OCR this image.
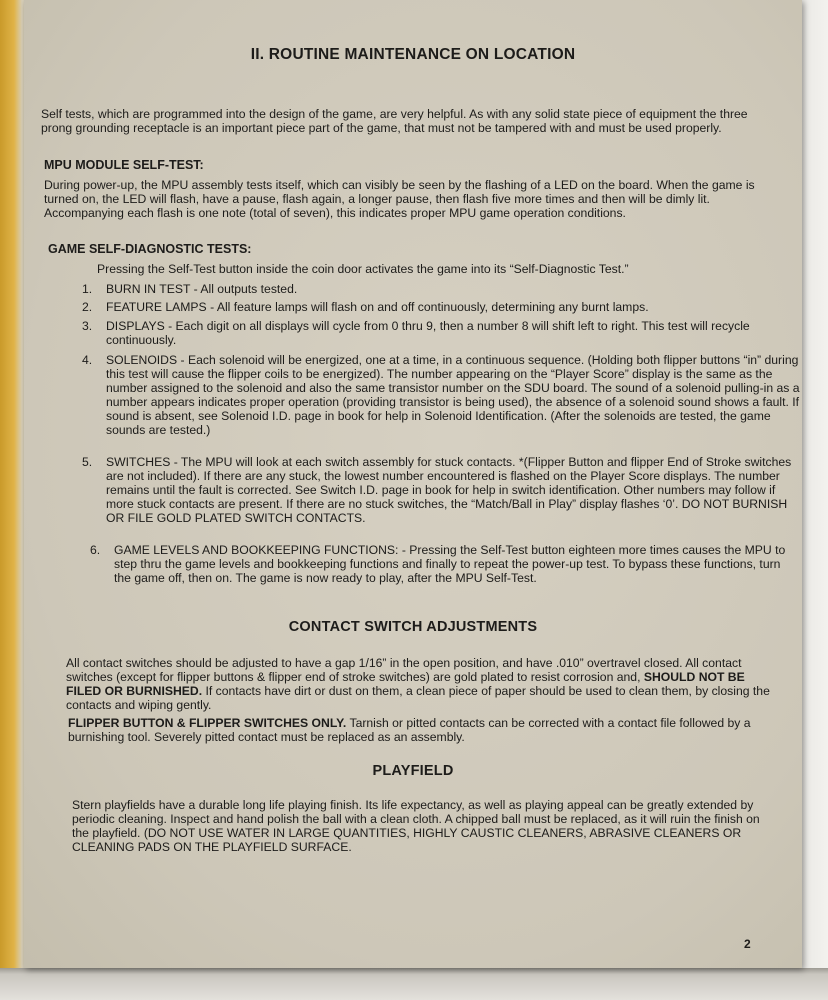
II. ROUTINE MAINTENANCE ON LOCATION
Self tests, which are programmed into the design of the game, are very helpful. As with any solid state piece of equipment the three prong grounding receptacle is an important piece part of the game, that must not be tampered with and must be used properly.
MPU MODULE SELF-TEST:
During power-up, the MPU assembly tests itself, which can visibly be seen by the flashing of a LED on the board. When the game is turned on, the LED will flash, have a pause, flash again, a longer pause, then flash five more times and then will be dimly lit. Accompanying each flash is one note (total of seven), this indicates proper MPU game operation conditions.
GAME SELF-DIAGNOSTIC TESTS:
Pressing the Self-Test button inside the coin door activates the game into its “Self-Diagnostic Test.”
1. BURN IN TEST - All outputs tested.
2. FEATURE LAMPS - All feature lamps will flash on and off continuously, determining any burnt lamps.
3. DISPLAYS - Each digit on all displays will cycle from 0 thru 9, then a number 8 will shift left to right. This test will recycle continuously.
4. SOLENOIDS - Each solenoid will be energized, one at a time, in a continuous sequence. (Holding both flipper buttons “in” during this test will cause the flipper coils to be energized). The number appearing on the “Player Score” display is the same as the number assigned to the solenoid and also the same transistor number on the SDU board. The sound of a solenoid pulling-in as a number appears indicates proper operation (providing transistor is being used), the absence of a solenoid sound shows a fault. If sound is absent, see Solenoid I.D. page in book for help in Solenoid Identification. (After the solenoids are tested, the game sounds are tested.)
5. SWITCHES - The MPU will look at each switch assembly for stuck contacts. *(Flipper Button and flipper End of Stroke switches are not included). If there are any stuck, the lowest number encountered is flashed on the Player Score displays. The number remains until the fault is corrected. See Switch I.D. page in book for help in switch identification. Other numbers may follow if more stuck contacts are present. If there are no stuck switches, the “Match/Ball in Play” display flashes ‘0’. DO NOT BURNISH OR FILE GOLD PLATED SWITCH CONTACTS.
6. GAME LEVELS AND BOOKKEEPING FUNCTIONS: - Pressing the Self-Test button eighteen more times causes the MPU to step thru the game levels and bookkeeping functions and finally to repeat the power-up test. To bypass these functions, turn the game off, then on. The game is now ready to play, after the MPU Self-Test.
CONTACT SWITCH ADJUSTMENTS
All contact switches should be adjusted to have a gap 1/16” in the open position, and have .010” overtravel closed. All contact switches (except for flipper buttons & flipper end of stroke switches) are gold plated to resist corrosion and, SHOULD NOT BE FILED OR BURNISHED. If contacts have dirt or dust on them, a clean piece of paper should be used to clean them, by closing the contacts and wiping gently.
FLIPPER BUTTON & FLIPPER SWITCHES ONLY. Tarnish or pitted contacts can be corrected with a contact file followed by a burnishing tool. Severely pitted contact must be replaced as an assembly.
PLAYFIELD
Stern playfields have a durable long life playing finish. Its life expectancy, as well as playing appeal can be greatly extended by periodic cleaning. Inspect and hand polish the ball with a clean cloth. A chipped ball must be replaced, as it will ruin the finish on the playfield. (DO NOT USE WATER IN LARGE QUANTITIES, HIGHLY CAUSTIC CLEANERS, ABRASIVE CLEANERS OR CLEANING PADS ON THE PLAYFIELD SURFACE.
2
